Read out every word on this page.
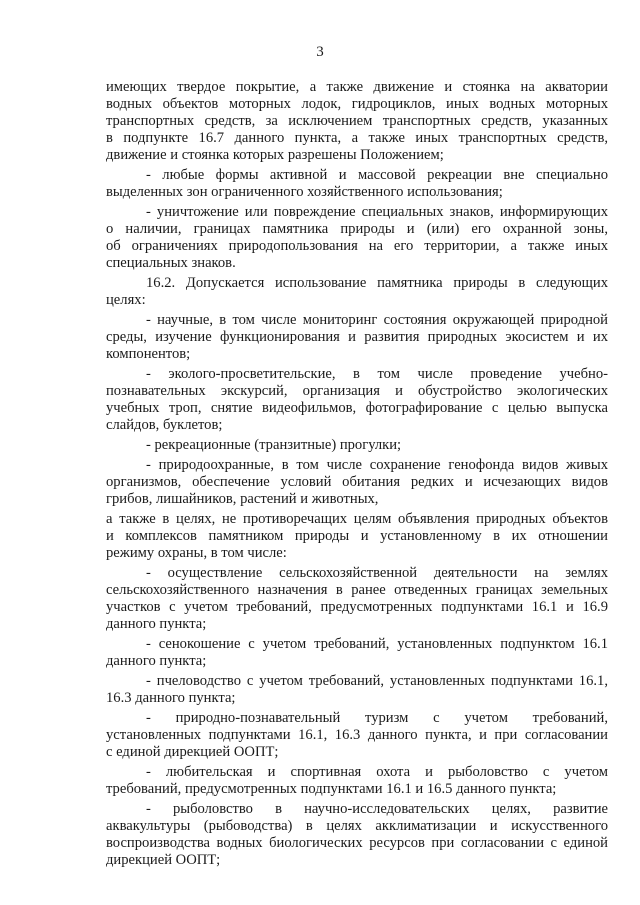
3
имеющих твердое покрытие, а также движение и стоянка на акватории
водных объектов моторных лодок, гидроциклов, иных водных моторных
транспортных средств, за исключением транспортных средств, указанных
в подпункте 16.7 данного пункта, а также иных транспортных средств,
движение и стоянка которых разрешены Положением;
- любые формы активной и массовой рекреации вне специально
выделенных зон ограниченного хозяйственного использования;
- уничтожение или повреждение специальных знаков, информирующих
о наличии, границах памятника природы и (или) его охранной зоны,
об ограничениях природопользования на его территории, а также иных
специальных знаков.
16.2. Допускается использование памятника природы в следующих
целях:
- научные, в том числе мониторинг состояния окружающей природной
среды, изучение функционирования и развития природных экосистем и их
компонентов;
- эколого-просветительские, в том числе проведение учебно-
познавательных экскурсий, организация и обустройство экологических
учебных троп, снятие видеофильмов, фотографирование с целью выпуска
слайдов, буклетов;
- рекреационные (транзитные) прогулки;
- природоохранные, в том числе сохранение генофонда видов живых
организмов, обеспечение условий обитания редких и исчезающих видов
грибов, лишайников, растений и животных,
а также в целях, не противоречащих целям объявления природных объектов
и комплексов памятником природы и установленному в их отношении
режиму охраны, в том числе:
- осуществление сельскохозяйственной деятельности на землях
сельскохозяйственного назначения в ранее отведенных границах земельных
участков с учетом требований, предусмотренных подпунктами 16.1 и 16.9
данного пункта;
- сенокошение с учетом требований, установленных подпунктом 16.1
данного пункта;
- пчеловодство с учетом требований, установленных подпунктами 16.1,
16.3 данного пункта;
- природно-познавательный туризм с учетом требований,
установленных подпунктами 16.1, 16.3 данного пункта, и при согласовании
с единой дирекцией ООПТ;
- любительская и спортивная охота и рыболовство с учетом
требований, предусмотренных подпунктами 16.1 и 16.5 данного пункта;
- рыболовство в научно-исследовательских целях, развитие
аквакультуры (рыбоводства) в целях акклиматизации и искусственного
воспроизводства водных биологических ресурсов при согласовании с единой
дирекцией ООПТ;
